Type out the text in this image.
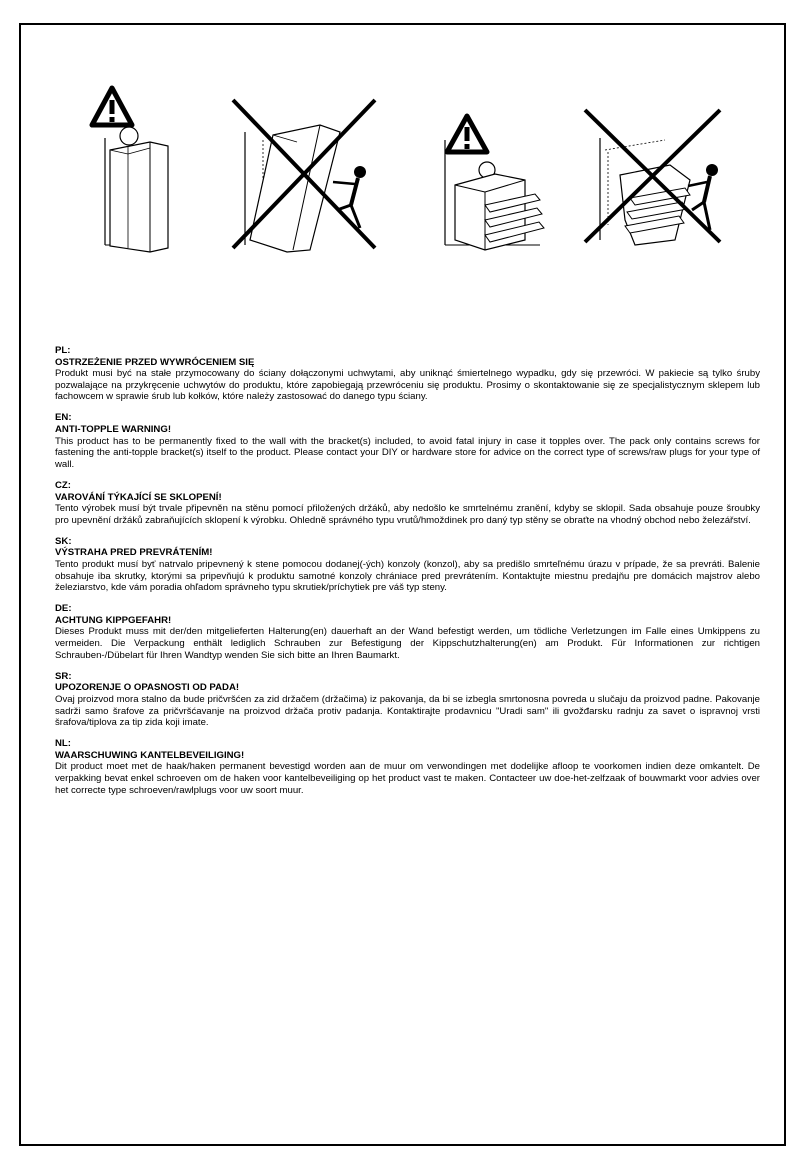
PL:
OSTRZEŻENIE PRZED WYWRÓCENIEM SIĘ
Produkt musi być na stałe przymocowany do ściany dołączonymi uchwytami, aby uniknąć śmiertelnego wypadku, gdy się przewróci. W pakiecie są tylko śruby pozwalające na przykręcenie uchwytów do produktu, które zapobiegają przewróceniu się produktu. Prosimy o skontaktowanie się ze specjalistycznym sklepem lub fachowcem w sprawie śrub lub kołków, które należy zastosować do danego typu ściany.
EN:
ANTI-TOPPLE WARNING!
This product has to be permanently fixed to the wall with the bracket(s) included, to avoid fatal injury in case it topples over. The pack only contains screws for fastening the anti-topple bracket(s) itself to the product. Please contact your DIY or hardware store for advice on the correct type of screws/raw plugs for your type of wall.
CZ:
VAROVÁNÍ TÝKAJÍCÍ SE SKLOPENÍ!
Tento výrobek musí být trvale připevněn na stěnu pomocí přiložených držáků, aby nedošlo ke smrtelnému zranění, kdyby se sklopil. Sada obsahuje pouze šroubky pro upevnění držáků zabraňujících sklopení k výrobku. Ohledně správného typu vrutů/hmoždinek pro daný typ stěny se obraťte na vhodný obchod nebo železářství.
SK:
VÝSTRAHA PRED PREVRÁTENÍM!
Tento produkt musí byť natrvalo pripevnený k stene pomocou dodanej(-ých) konzoly (konzol), aby sa predišlo smrteľnému úrazu v prípade, že sa prevráti. Balenie obsahuje iba skrutky, ktorými sa pripevňujú k produktu samotné konzoly chrániace pred prevrátením. Kontaktujte miestnu predajňu pre domácich majstrov alebo železiarstvo, kde vám poradia ohľadom správneho typu skrutiek/príchytiek pre váš typ steny.
DE:
ACHTUNG KIPPGEFAHR!
Dieses Produkt muss mit der/den mitgelieferten Halterung(en) dauerhaft an der Wand befestigt werden, um tödliche Verletzungen im Falle eines Umkippens zu vermeiden. Die Verpackung enthält lediglich Schrauben zur Befestigung der Kippschutzhalterung(en) am Produkt. Für Informationen zur richtigen Schrauben-/Dübelart für Ihren Wandtyp wenden Sie sich bitte an Ihren Baumarkt.
SR:
UPOZORENJE O OPASNOSTI OD PADA!
Ovaj proizvod mora stalno da bude pričvršćen za zid držačem (držačima) iz pakovanja, da bi se izbegla smrtonosna povreda u slučaju da proizvod padne. Pakovanje sadrži samo šrafove za pričvršćavanje na proizvod držača protiv padanja. Kontaktirajte prodavnicu "Uradi sam" ili gvožđarsku radnju za savet o ispravnoj vrsti šrafova/tiplova za tip zida koji imate.
NL:
WAARSCHUWING KANTELBEVEILIGING!
Dit product moet met de haak/haken permanent bevestigd worden aan de muur om verwondingen met dodelijke afloop te voorkomen indien deze omkantelt. De verpakking bevat enkel schroeven om de haken voor kantelbeveiliging op het product vast te maken. Contacteer uw doe-het-zelfzaak of bouwmarkt voor advies over het correcte type schroeven/rawlplugs voor uw soort muur.
